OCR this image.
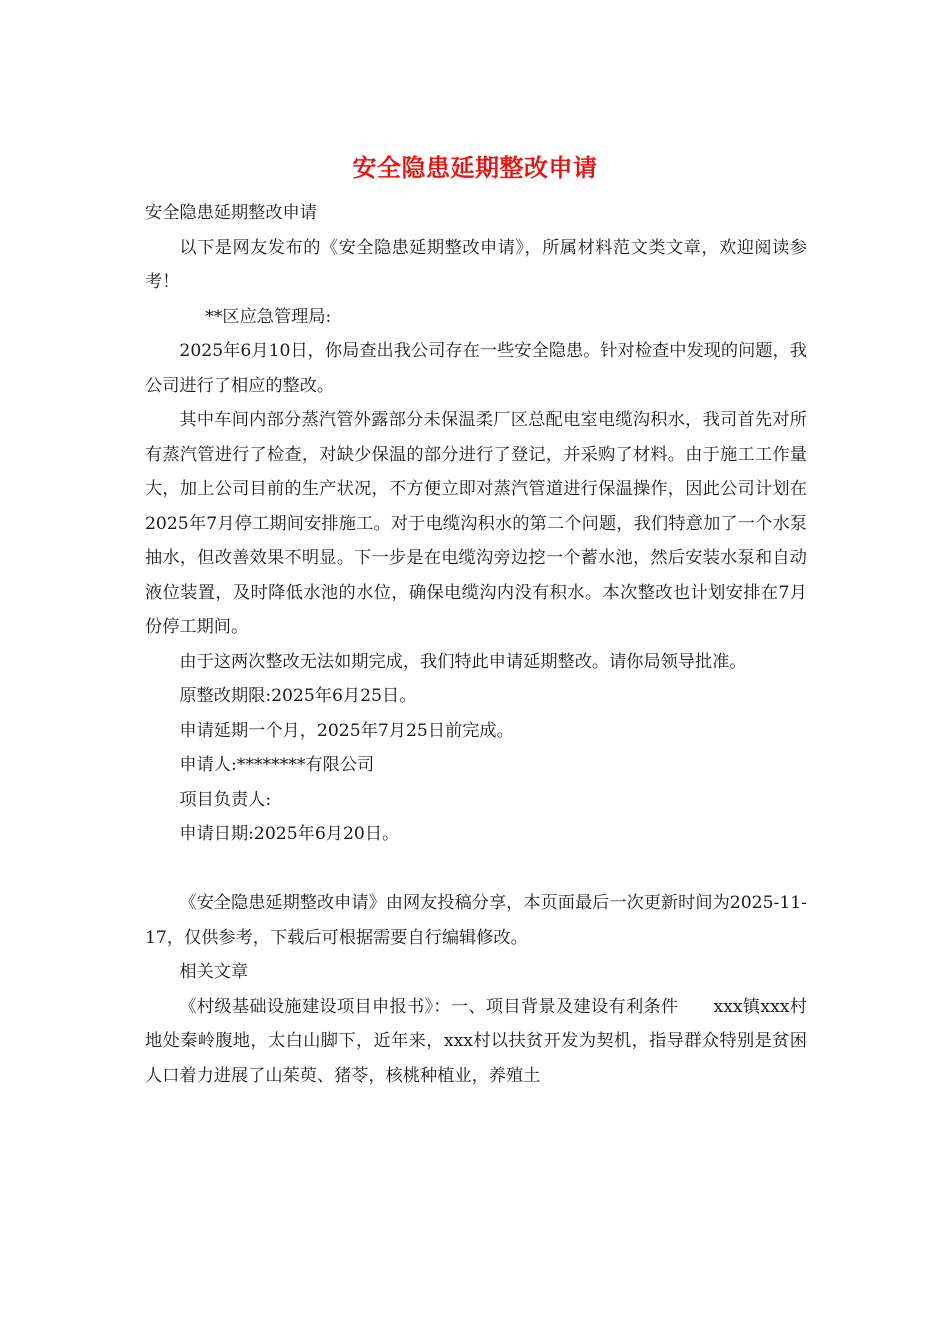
安全隐患延期整改申请

安全隐患延期整改申请

以下是网友发布的《安全隐患延期整改申请》，所属材料范文类文章，欢迎阅读参考！

**区应急管理局:

2025年6月10日，你局查出我公司存在一些安全隐患。针对检查中发现的问题，我公司进行了相应的整改。

其中车间内部分蒸汽管外露部分未保温柔厂区总配电室电缆沟积水，我司首先对所有蒸汽管进行了检查，对缺少保温的部分进行了登记，并采购了材料。由于施工工作量大，加上公司目前的生产状况，不方便立即对蒸汽管道进行保温操作，因此公司计划在2025年7月停工期间安排施工。对于电缆沟积水的第二个问题，我们特意加了一个水泵抽水，但改善效果不明显。下一步是在电缆沟旁边挖一个蓄水池，然后安装水泵和自动液位装置，及时降低水池的水位，确保电缆沟内没有积水。本次整改也计划安排在7月份停工期间。

由于这两次整改无法如期完成，我们特此申请延期整改。请你局领导批准。

原整改期限:2025年6月25日。

申请延期一个月，2025年7月25日前完成。

申请人:********有限公司

项目负责人:

申请日期:2025年6月20日。

《安全隐患延期整改申请》由网友投稿分享，本页面最后一次更新时间为2025-11-17，仅供参考，下载后可根据需要自行编辑修改。

相关文章

《村级基础设施建设项目申报书》：一、项目背景及建设有利条件　　xxx镇xxx村地处秦岭腹地，太白山脚下，近年来，xxx村以扶贫开发为契机，指导群众特别是贫困人口着力进展了山茱萸、猪苓，核桃种植业，养殖土
